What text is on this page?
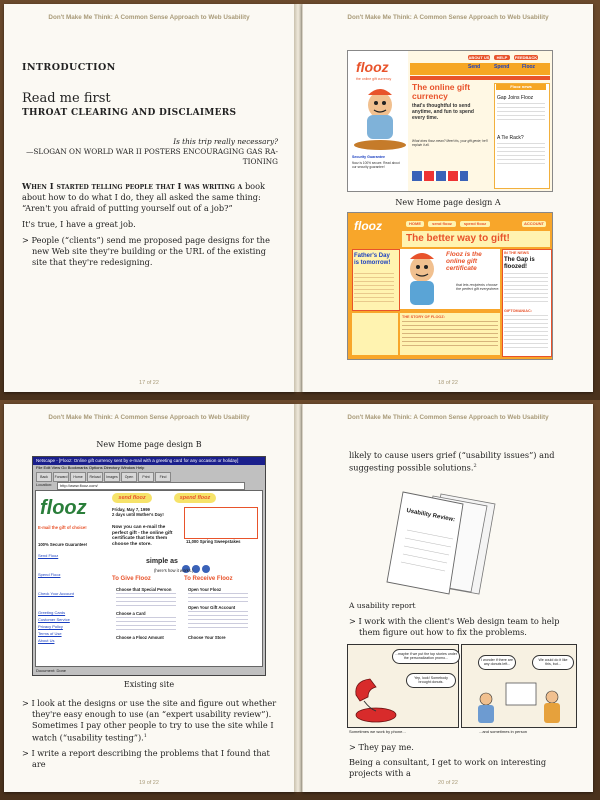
Don't Make Me Think: A Common Sense Approach to Web Usability
INTRODUCTION
Read me first
THROAT CLEARING AND DISCLAIMERS
Is this trip really necessary?
—SLOGAN ON WORLD WAR II POSTERS ENCOURAGING GAS RA-
TIONING

When I started telling people that I was writing a book about how to do what I do, they all asked the same thing: “Aren't you afraid of putting yourself out of a job?”

It's true, I have a great job.

> People (“clients”) send me proposed page designs for the new Web site they're building or the URL of the existing site that they're redesigning.

17 of 22
Don't Make Me Think: A Common Sense Approach to Web Usability
flooz
the online gift currency
ABOUT US	HELP	FEEDBACK
Send	Spend	Flooz
The online gift currency
that's thoughtful to send anytime, and fun to spend every time.
What does flooz mean? Meet Iris, your gift genie; he'll explain it all.
Security Guarantee
flooz is 100% secure. Read about our security guarantee!
Flooz news
Gap Joins Flooz
A Tie Rack?
New Home page design A
flooz	HOME	send flooz	spend flooz	ACCOUNT
The better way to gift!
Father's Day is tomorrow!
Flooz is the online gift certificate
that lets recipients choose the perfect gift everywhere.
IN THE NEWS
The Gap is floozed!
GIFTOMANIAC:
THE STORY OF FLOOZ:
18 of 22
Don't Make Me Think: A Common Sense Approach to Web Usability
New Home page design B
Netscape - [Flooz: Online gift currency sent by e-mail with a greeting card for any occasion or holiday]
File Edit View Go Bookmarks Options Directory Window Help
Back	Forward	Home	Reload	Images	Open	Print	Find
Location:	http://www.flooz.com/
flooz	send flooz	spend flooz
Friday, May 7, 1999
2 days until Mother's Day!
11,000 Spring Sweepstakes
Now you can e-mail the perfect gift - the online gift certificate that lets them choose the store.
simple as
(here's how it works.)
To Give Flooz	To Receive Flooz
Choose that Special Person
Choose a Card
Choose a Flooz Amount
Open Your Flooz
Open Your Gift Account
Choose Your Store
E-mail the gift of choice!
100% Secure Guarantee!
Send Flooz
Spend Flooz
Check Your Account
Greeting Cards
Customer Service
Privacy Policy
Terms of Use
About Us
Document: Done
Existing site

> I look at the designs or use the site and figure out whether they're easy enough to use (an “expert usability review”). Sometimes I pay other people to try to use the site while I watch (“usability testing”).$^1$

> I write a report describing the problems that I found that are

19 of 22
Don't Make Me Think: A Common Sense Approach to Web Usability

likely to cause users grief (“usability issues”) and suggesting possible solutions.$^2$

Usability Review:

A usability report

> I work with the client's Web design team to help them figure out how to fix the problems.

...maybe if we put the top stories under the personalization promo...
Yep, look! Somebody brought donuts.
I wonder if there are any donuts left...
We could do it like this, but...
Sometimes we work by phone...	...and sometimes in person

> They pay me.

Being a consultant, I get to work on interesting projects with a

20 of 22
